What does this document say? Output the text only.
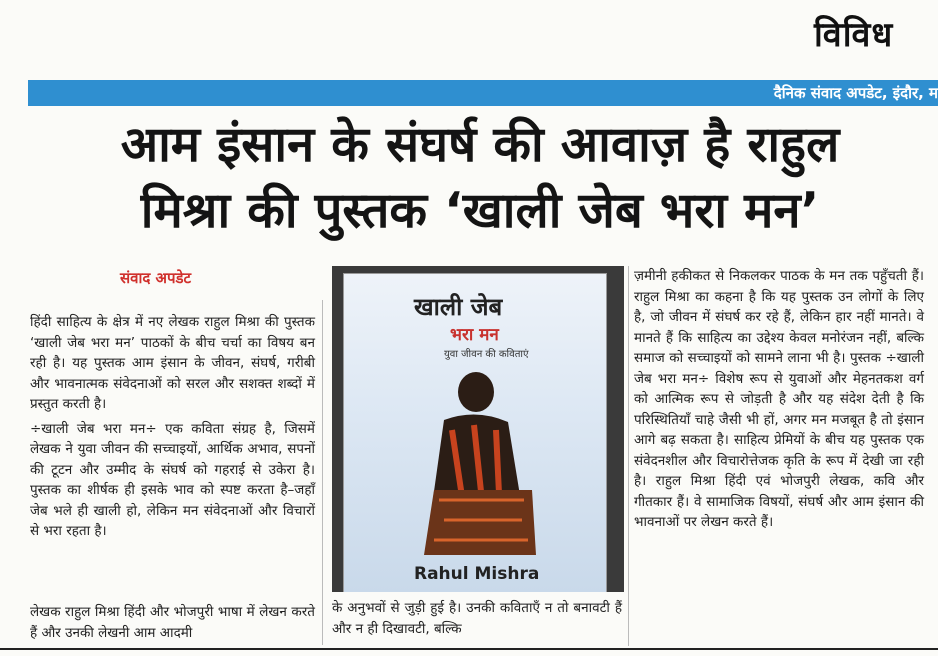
विविध
दैनिक संवाद अपडेट, इंदौर, म
आम इंसान के संघर्ष की आवाज़ है राहुल
मिश्रा की पुस्तक ‘खाली जेब भरा मन’
संवाद अपडेट

हिंदी साहित्य के क्षेत्र में नए लेखक राहुल मिश्रा की पुस्तक ‘खाली जेब भरा मन’ पाठकों के बीच चर्चा का विषय बन रही है। यह पुस्तक आम इंसान के जीवन, संघर्ष, गरीबी और भावनात्मक संवेदनाओं को सरल और सशक्त शब्दों में प्रस्तुत करती है।

÷खाली जेब भरा मन÷ एक कविता संग्रह है, जिसमें लेखक ने युवा जीवन की सच्चाइयों, आर्थिक अभाव, सपनों की टूटन और उम्मीद के संघर्ष को गहराई से उकेरा है। पुस्तक का शीर्षक ही इसके भाव को स्पष्ट करता है–जहाँ जेब भले ही खाली हो, लेकिन मन संवेदनाओं और विचारों से भरा रहता है।

लेखक राहुल मिश्रा हिंदी और भोजपुरी भाषा में लेखन करते हैं और उनकी लेखनी आम आदमी

खाली जेब
भरा मन
युवा जीवन की कविताएं
Rahul Mishra

के अनुभवों से जुड़ी हुई है। उनकी कविताएँ न तो बनावटी हैं और न ही दिखावटी, बल्कि

ज़मीनी हकीकत से निकलकर पाठक के मन तक पहुँचती हैं। राहुल मिश्रा का कहना है कि यह पुस्तक उन लोगों के लिए है, जो जीवन में संघर्ष कर रहे हैं, लेकिन हार नहीं मानते। वे मानते हैं कि साहित्य का उद्देश्य केवल मनोरंजन नहीं, बल्कि समाज को सच्चाइयों को सामने लाना भी है। पुस्तक ÷खाली जेब भरा मन÷ विशेष रूप से युवाओं और मेहनतकश वर्ग को आत्मिक रूप से जोड़ती है और यह संदेश देती है कि परिस्थितियाँ चाहे जैसी भी हों, अगर मन मजबूत है तो इंसान आगे बढ़ सकता है। साहित्य प्रेमियों के बीच यह पुस्तक एक संवेदनशील और विचारोत्तेजक कृति के रूप में देखी जा रही है। राहुल मिश्रा हिंदी एवं भोजपुरी लेखक, कवि और गीतकार हैं। वे सामाजिक विषयों, संघर्ष और आम इंसान की भावनाओं पर लेखन करते हैं।
